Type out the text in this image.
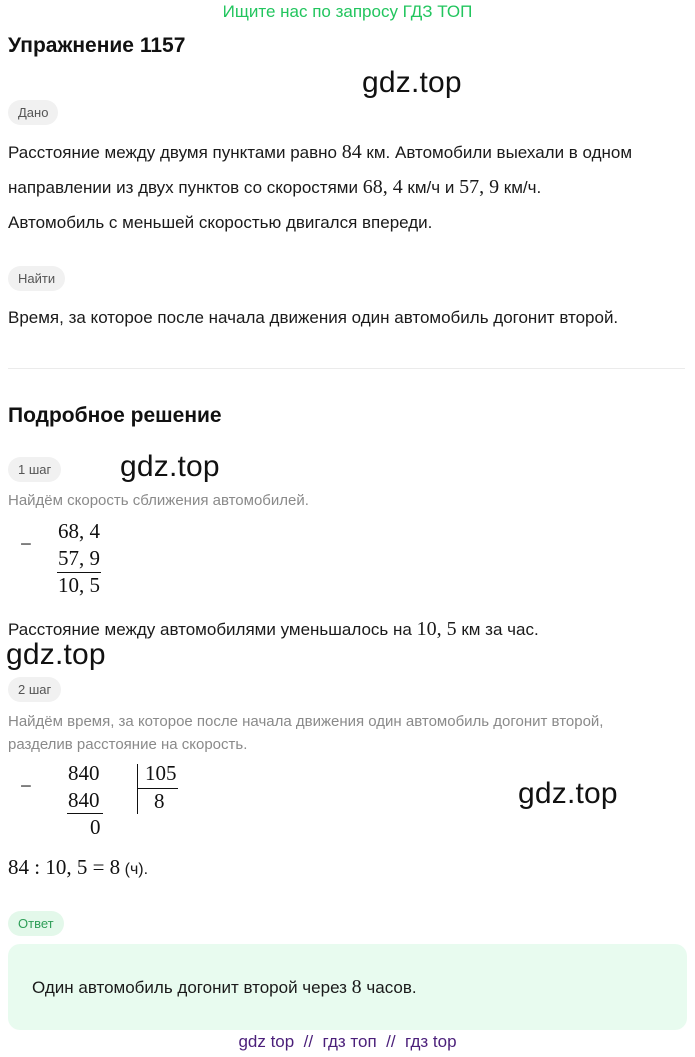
Ищите нас по запросу ГДЗ ТОП
Упражнение 1157
gdz.top
Дано
Расстояние между двумя пунктами равно 84 км. Автомобили выехали в одном
направлении из двух пунктов со скоростями 68, 4 км/ч и 57, 9 км/ч.
Автомобиль с меньшей скоростью двигался впереди.
Найти
Время, за которое после начала движения один автомобиль догонит второй.
Подробное решение
1 шаг	gdz.top
Найдём скорость сближения автомобилей.
−
68, 4
57, 9
10, 5
Расстояние между автомобилями уменьшалось на 10, 5 км за час.
gdz.top
2 шаг
Найдём время, за которое после начала движения один автомобиль догонит второй,
разделив расстояние на скорость.
−
840
840
0
105
8	gdz.top
84 : 10, 5 = 8 (ч).
Ответ
Один автомобиль догонит второй через 8 часов.
gdz top  //  гдз топ  //  гдз top
